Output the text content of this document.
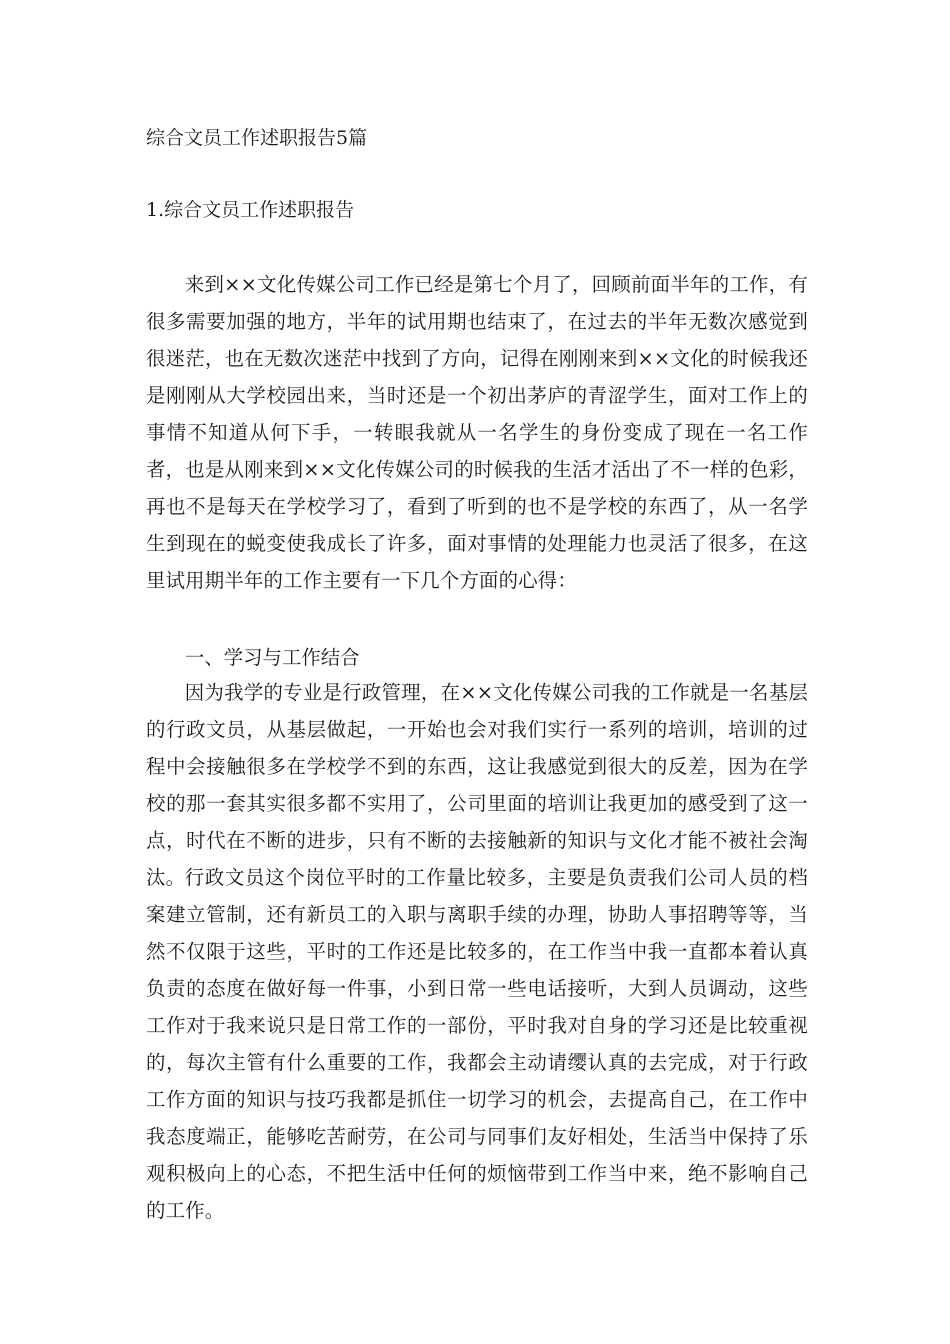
综合文员工作述职报告5篇
1.综合文员工作述职报告

来到××文化传媒公司工作已经是第七个月了，回顾前面半年的工作，有很多需要加强的地方，半年的试用期也结束了，在过去的半年无数次感觉到很迷茫，也在无数次迷茫中找到了方向，记得在刚刚来到××文化的时候我还是刚刚从大学校园出来，当时还是一个初出茅庐的青涩学生，面对工作上的事情不知道从何下手，一转眼我就从一名学生的身份变成了现在一名工作者，也是从刚来到××文化传媒公司的时候我的生活才活出了不一样的色彩，再也不是每天在学校学习了，看到了听到的也不是学校的东西了，从一名学生到现在的蜕变使我成长了许多，面对事情的处理能力也灵活了很多，在这里试用期半年的工作主要有一下几个方面的心得：

一、学习与工作结合

因为我学的专业是行政管理，在××文化传媒公司我的工作就是一名基层的行政文员，从基层做起，一开始也会对我们实行一系列的培训，培训的过程中会接触很多在学校学不到的东西，这让我感觉到很大的反差，因为在学校的那一套其实很多都不实用了，公司里面的培训让我更加的感受到了这一点，时代在不断的进步，只有不断的去接触新的知识与文化才能不被社会淘汰。 行政文员这个岗位平时的工作量比较多，主要是负责我们公司人员的档案建立管制，还有新员工的入职与离职手续的办理，协助人事招聘等等，当然不仅限于这些，平时的工作还是比较多的，在工作当中我一直都本着认真负责的态度在做好每一件事，小到日常一些电话接听，大到人员调动，这些工作对于我来说只是日常工作的一部份，平时我对自身的学习还是比较重视的，每次主管有什么重要的工作，我都会主动请缨认真的去完成，对于行政工作方面的知识与技巧我都是抓住一切学习的机会，去提高自己，在工作中我态度端正，能够吃苦耐劳，在公司与同事们友好相处，生活当中保持了乐观积极向上的心态，不把生活中任何的烦恼带到工作当中来，绝不影响自己的工作。
